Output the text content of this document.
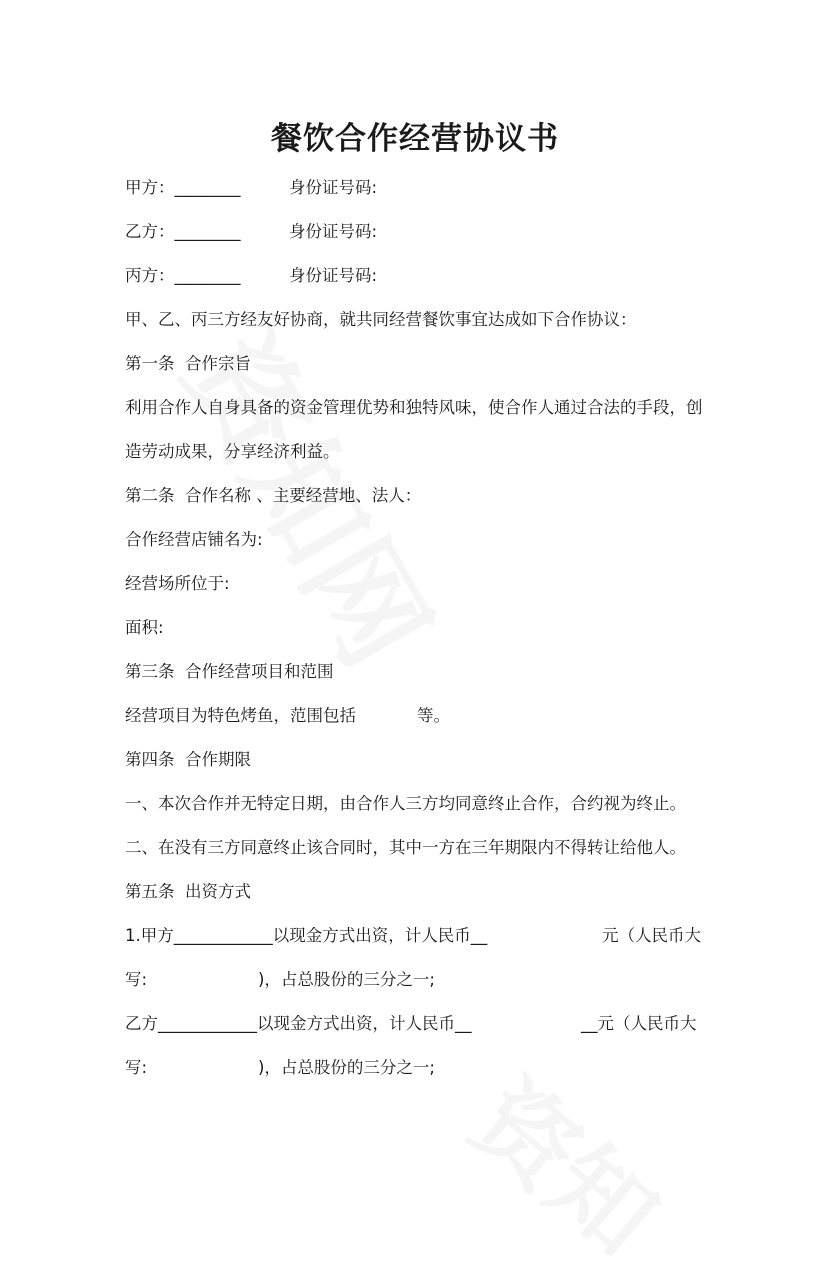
餐饮合作经营协议书
甲方：________	身份证号码:
乙方：________	身份证号码:
丙方：________	身份证号码:
甲、乙、丙三方经友好协商，就共同经营餐饮事宜达成如下合作协议：
第一条  合作宗旨
利用合作人自身具备的资金管理优势和独特风味，使合作人通过合法的手段，创
造劳动成果，分享经济利益。
第二条  合作名称 、主要经营地、法人：
合作经营店铺名为:
经营场所位于:
面积:
第三条  合作经营项目和范围
经营项目为特色烤鱼，范围包括	等。
第四条  合作期限
一、本次合作并无特定日期，由合作人三方均同意终止合作，合约视为终止。
二、在没有三方同意终止该合同时，其中一方在三年期限内不得转让给他人。
第五条  出资方式
1.甲方____________以现金方式出资，计人民币__	元（人民币大
写:	)，占总股份的三分之一;
乙方____________以现金方式出资，计人民币__	__元（人民币大
写:	)，占总股份的三分之一;
